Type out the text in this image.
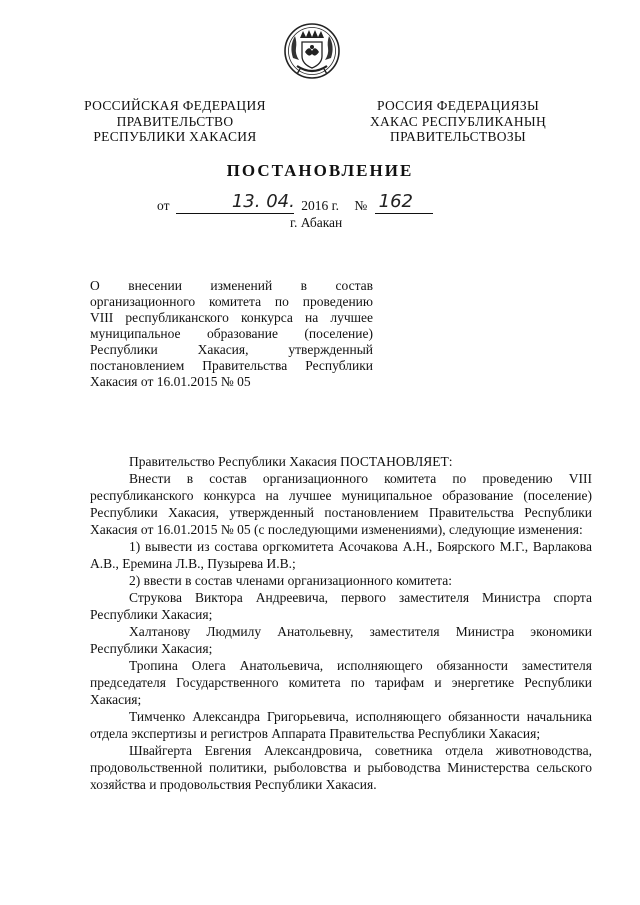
РОССИЙСКАЯ ФЕДЕРАЦИЯ
ПРАВИТЕЛЬСТВО
РЕСПУБЛИКИ ХАКАСИЯ
РОССИЯ ФЕДЕРАЦИЯЗЫ
ХАКАС РЕСПУБЛИКАНЫҢ
ПРАВИТЕЛЬСТВОЗЫ
ПОСТАНОВЛЕНИЕ
от	13. 04. 2016 г. № 162
г. Абакан
О внесении изменений в состав
организационного комитета по проведению
VIII республиканского конкурса на лучшее
муниципальное образование (поселение)
Республики Хакасия, утвержденный
постановлением Правительства Республики
Хакасия от 16.01.2015 № 05

Правительство Республики Хакасия ПОСТАНОВЛЯЕТ:

Внести в состав организационного комитета по проведению VIII республиканского конкурса на лучшее муниципальное образование (поселение) Республики Хакасия, утвержденный постановлением Правительства Республики Хакасия от 16.01.2015 № 05 (с последующими изменениями), следующие изменения:

1) вывести из состава оргкомитета Асочакова А.Н., Боярского М.Г., Варлакова А.В., Еремина Л.В., Пузырева И.В.;

2) ввести в состав членами организационного комитета:

Струкова Виктора Андреевича, первого заместителя Министра спорта Республики Хакасия;

Халтанову Людмилу Анатольевну, заместителя Министра экономики Республики Хакасия;

Тропина Олега Анатольевича, исполняющего обязанности заместителя председателя Государственного комитета по тарифам и энергетике Республики Хакасия;

Тимченко Александра Григорьевича, исполняющего обязанности начальника отдела экспертизы и регистров Аппарата Правительства Республики Хакасия;

Швайгерта Евгения Александровича, советника отдела животноводства, продовольственной политики, рыболовства и рыбоводства Министерства сельского хозяйства и продовольствия Республики Хакасия.
